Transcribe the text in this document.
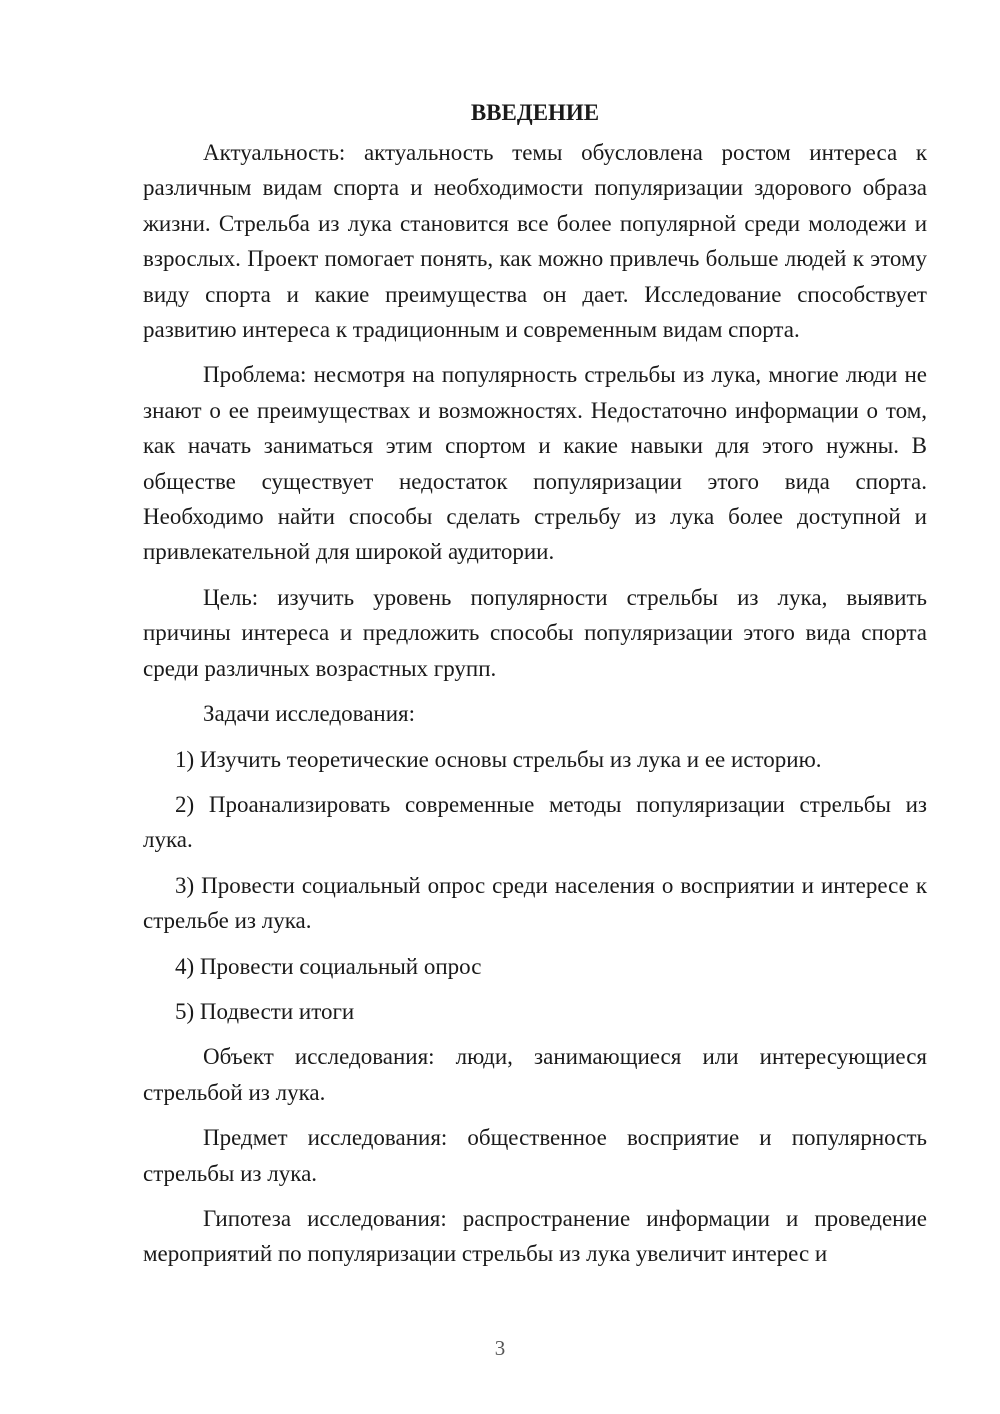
ВВЕДЕНИЕ

Актуальность: актуальность темы обусловлена ростом интереса к различным видам спорта и необходимости популяризации здорового образа жизни. Стрельба из лука становится все более популярной среди молодежи и взрослых. Проект помогает понять, как можно привлечь больше людей к этому виду спорта и какие преимущества он дает. Исследование способствует развитию интереса к традиционным и современным видам спорта.

Проблема: несмотря на популярность стрельбы из лука, многие люди не знают о ее преимуществах и возможностях. Недостаточно информации о том, как начать заниматься этим спортом и какие навыки для этого нужны. В обществе существует недостаток популяризации этого вида спорта. Необходимо найти способы сделать стрельбу из лука более доступной и привлекательной для широкой аудитории.

Цель: изучить уровень популярности стрельбы из лука, выявить причины интереса и предложить способы популяризации этого вида спорта среди различных возрастных групп.

Задачи исследования:

1) Изучить теоретические основы стрельбы из лука и ее историю.

2) Проанализировать современные методы популяризации стрельбы из лука.

3) Провести социальный опрос среди населения о восприятии и интересе к стрельбе из лука.

4) Провести социальный опрос

5) Подвести итоги

Объект исследования: люди, занимающиеся или интересующиеся стрельбой из лука.

Предмет исследования: общественное восприятие и популярность стрельбы из лука.

Гипотеза исследования: распространение информации и проведение мероприятий по популяризации стрельбы из лука увеличит интерес и

3
